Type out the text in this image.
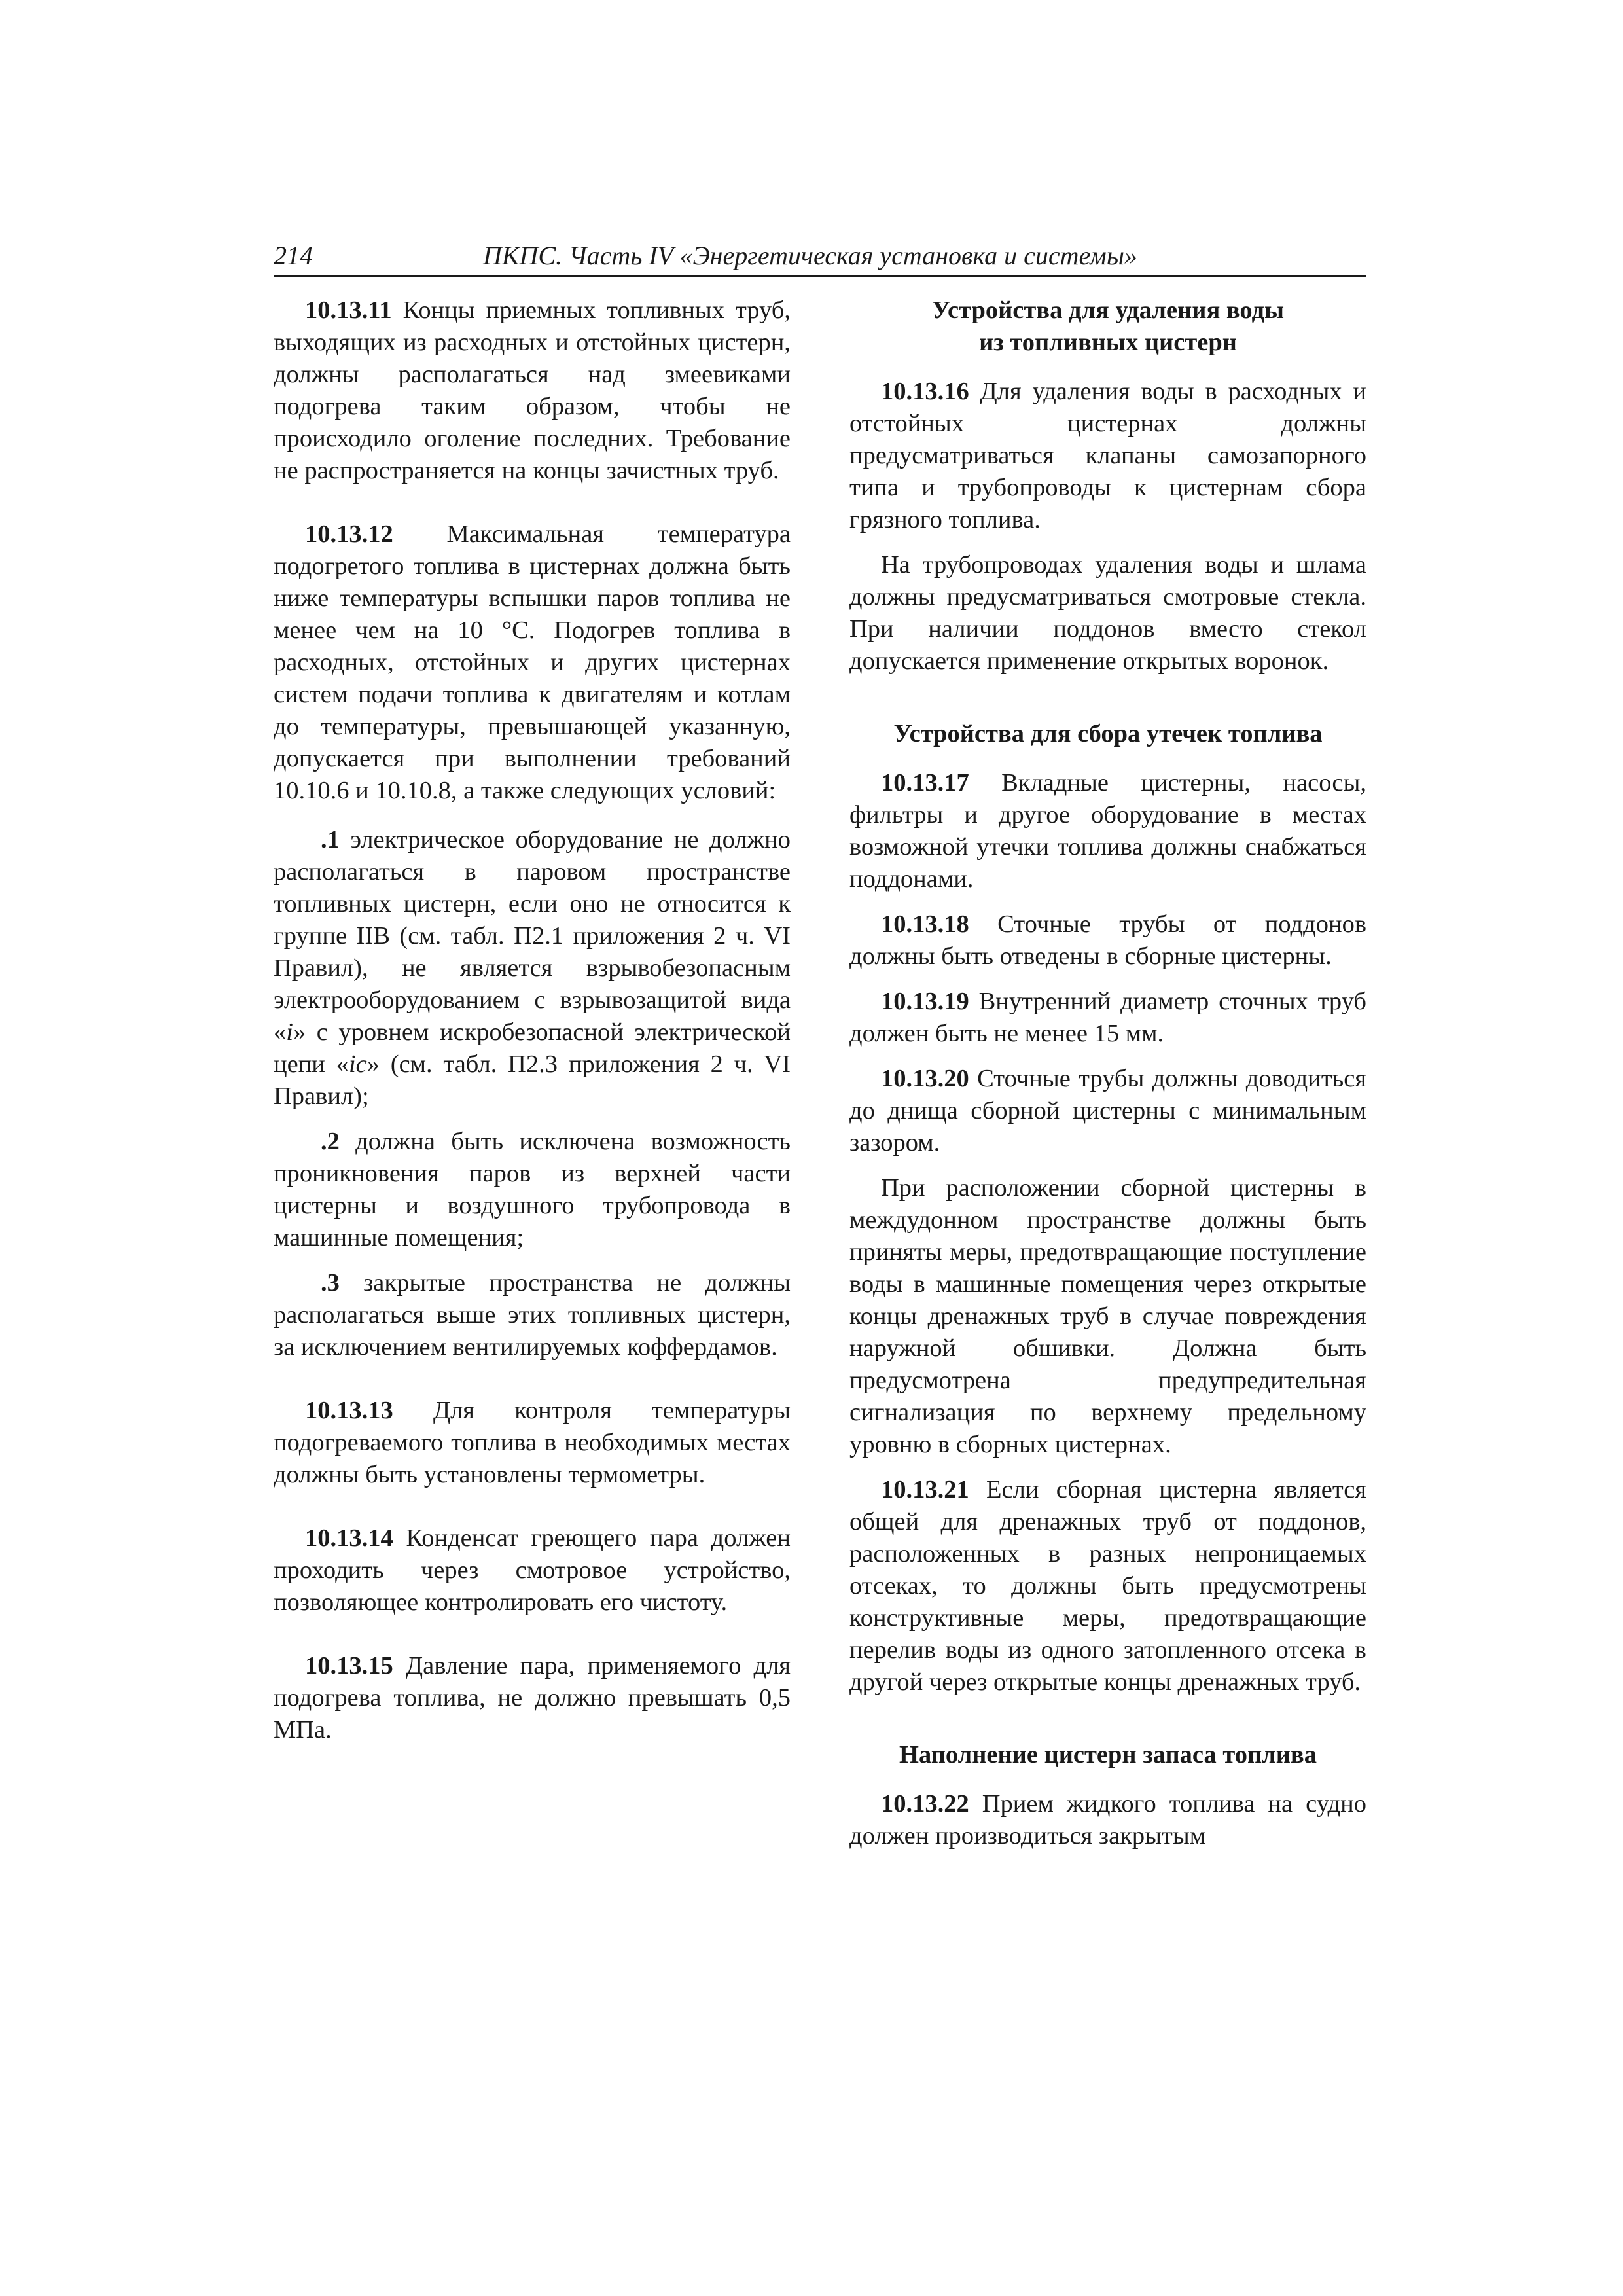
214	ПКПС. Часть IV «Энергетическая установка и системы»

10.13.11 Концы приемных топливных труб, выходящих из расходных и отстойных цистерн, должны располагаться над змеевиками подогрева таким образом, чтобы не происходило оголение последних. Требование не распространяется на концы зачистных труб.

10.13.12 Максимальная температура подогретого топлива в цистернах должна быть ниже температуры вспышки паров топлива не менее чем на 10 °С. Подогрев топлива в расходных, отстойных и других цистернах систем подачи топлива к двигателям и котлам до температуры, превышающей указанную, допускается при выполнении требований 10.10.6 и 10.10.8, а также следующих условий:

.1 электрическое оборудование не должно располагаться в паровом пространстве топливных цистерн, если оно не относится к группе IIB (см. табл. П2.1 приложения 2 ч. VI Правил), не является взрывобезопасным электрооборудованием с взрывозащитой вида «i» с уровнем искробезопасной электрической цепи «ic» (см. табл. П2.3 приложения 2 ч. VI Правил);

.2 должна быть исключена возможность проникновения паров из верхней части цистерны и воздушного трубопровода в машинные помещения;

.3 закрытые пространства не должны располагаться выше этих топливных цистерн, за исключением вентилируемых коффердамов.

10.13.13 Для контроля температуры подогреваемого топлива в необходимых местах должны быть установлены термометры.

10.13.14 Конденсат греющего пара должен проходить через смотровое устройство, позволяющее контролировать его чистоту.

10.13.15 Давление пара, применяемого для подогрева топлива, не должно превышать 0,5 МПа.

Устройства для удаления воды
из топливных цистерн

10.13.16 Для удаления воды в расходных и отстойных цистернах должны предусматриваться клапаны самозапорного типа и трубопроводы к цистернам сбора грязного топлива.

На трубопроводах удаления воды и шлама должны предусматриваться смотровые стекла. При наличии поддонов вместо стекол допускается применение открытых воронок.

Устройства для сбора утечек топлива

10.13.17 Вкладные цистерны, насосы, фильтры и другое оборудование в местах возможной утечки топлива должны снабжаться поддонами.

10.13.18 Сточные трубы от поддонов должны быть отведены в сборные цистерны.

10.13.19 Внутренний диаметр сточных труб должен быть не менее 15 мм.

10.13.20 Сточные трубы должны доводиться до днища сборной цистерны с минимальным зазором.

При расположении сборной цистерны в междудонном пространстве должны быть приняты меры, предотвращающие поступление воды в машинные помещения через открытые концы дренажных труб в случае повреждения наружной обшивки. Должна быть предусмотрена предупредительная сигнализация по верхнему предельному уровню в сборных цистернах.

10.13.21 Если сборная цистерна является общей для дренажных труб от поддонов, расположенных в разных непроницаемых отсеках, то должны быть предусмотрены конструктивные меры, предотвращающие перелив воды из одного затопленного отсека в другой через открытые концы дренажных труб.

Наполнение цистерн запаса топлива

10.13.22 Прием жидкого топлива на судно должен производиться закрытым
